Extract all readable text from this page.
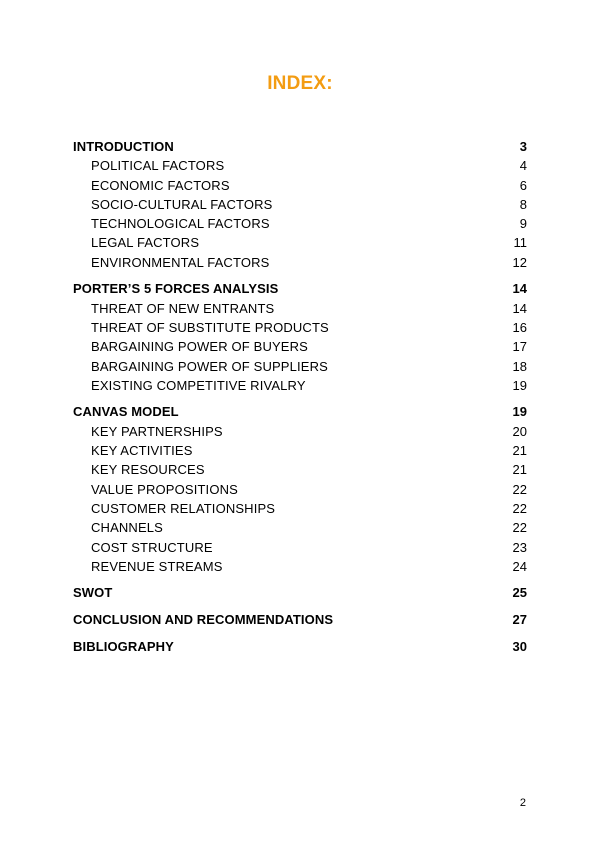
INDEX:
INTRODUCTION	3
POLITICAL FACTORS	4
ECONOMIC FACTORS	6
SOCIO-CULTURAL FACTORS	8
TECHNOLOGICAL FACTORS	9
LEGAL FACTORS	11
ENVIRONMENTAL FACTORS	12
PORTER’S 5 FORCES ANALYSIS	14
THREAT OF NEW ENTRANTS	14
THREAT OF SUBSTITUTE PRODUCTS	16
BARGAINING POWER OF BUYERS	17
BARGAINING POWER OF SUPPLIERS	18
EXISTING COMPETITIVE RIVALRY	19
CANVAS MODEL	19
KEY PARTNERSHIPS	20
KEY ACTIVITIES	21
KEY RESOURCES	21
VALUE PROPOSITIONS	22
CUSTOMER RELATIONSHIPS	22
CHANNELS	22
COST STRUCTURE	23
REVENUE STREAMS	24
SWOT	25
CONCLUSION AND RECOMMENDATIONS	27
BIBLIOGRAPHY	30
2
